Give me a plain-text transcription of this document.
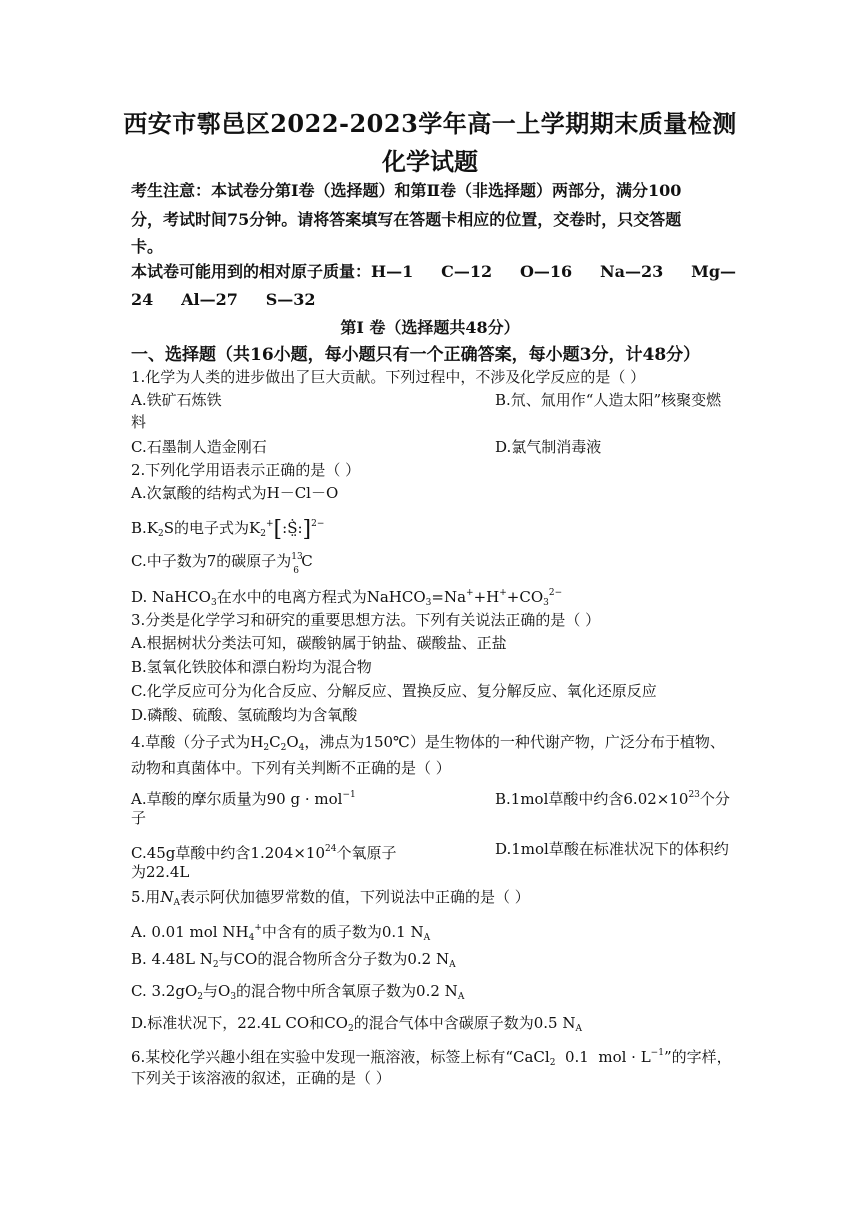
西安市鄠邑区2022-2023学年高一上学期期末质量检测
化学试题
考生注意：本试卷分第Ⅰ卷（选择题）和第Ⅱ卷（非选择题）两部分，满分100
分，考试时间75分钟。请将答案填写在答题卡相应的位置，交卷时，只交答题
卡。
本试卷可能用到的相对原子质量：H—1     C—12     O—16     Na—23     Mg—
24     Al—27     S—32
第Ⅰ 卷（选择题共48分）
一、选择题（共16小题，每小题只有一个正确答案，每小题3分，计48分）
1.化学为人类的进步做出了巨大贡献。下列过程中，不涉及化学反应的是（ ）
A.铁矿石炼铁	B.氘、氚用作“人造太阳”核聚变燃
料
C.石墨制人造金刚石	D.氯气制消毒液
2.下列化学用语表示正确的是（ ）
A.次氯酸的结构式为H－Cl－O
$B.K_2S$的电子式为$K_2^+[:Ṡ̤̇:]^{2-}$
C.中子数为7的碳原子为 13
6
C
D. NaHCO$_3$在水中的电离方程式为$NaHCO_3=Na^++H^++CO_3^{2-}$
3.分类是化学学习和研究的重要思想方法。下列有关说法正确的是（ ）
A.根据树状分类法可知，碳酸钠属于钠盐、碳酸盐、正盐
B.氢氧化铁胶体和漂白粉均为混合物
C.化学反应可分为化合反应、分解反应、置换反应、复分解反应、氧化还原反应
D.磷酸、硫酸、氢硫酸均为含氧酸
4.草酸（分子式为$H_2C_2O_4$，沸点为150℃）是生物体的一种代谢产物，广泛分布于植物、
动物和真菌体中。下列有关判断不正确的是（ ）
A.草酸的摩尔质量为90 g · mol$^{-1}$	B.1mol草酸中约含$6.02\times 10^{23}$个分
子
C.45g草酸中约含$1.204\times 10^{24}$个氧原子	D.1mol草酸在标准状况下的体积约
为22.4L
5.用$N_A$表示阿伏加德罗常数的值，下列说法中正确的是（ ）
A. 0.01 mol $NH_4^+$中含有的质子数为0.1 $N_A$
B. 4.48L $N_2$与CO的混合物所含分子数为0.2 $N_A$
C. $3.2gO_2$与$O_3$的混合物中所含氧原子数为0.2 $N_A$
D.标准状况下，22.4L CO和$CO_2$的混合气体中含碳原子数为0.5 $N_A$
6.某校化学兴趣小组在实验中发现一瓶溶液，标签上标有“CaCl$_2$  0.1  mol · $L^{-1}$”的字样，
下列关于该溶液的叙述，正确的是（ ）
